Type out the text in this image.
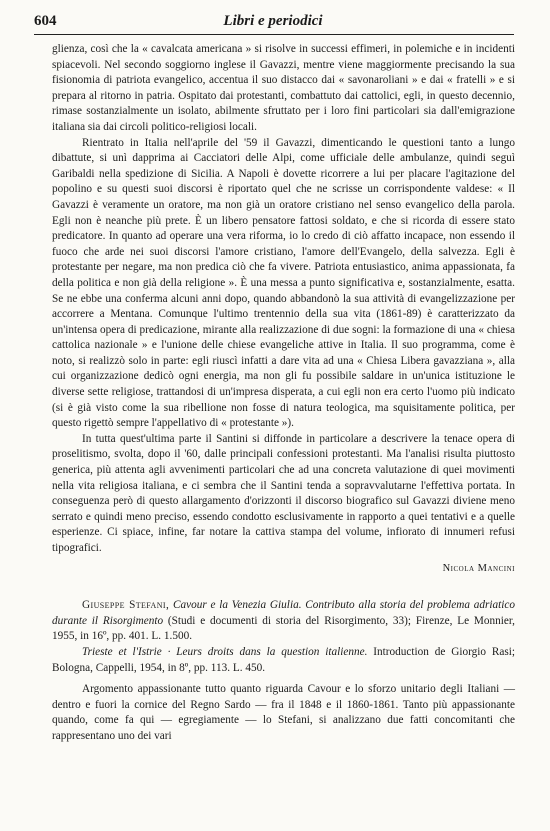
604	Libri e periodici

glienza, così che la « cavalcata americana » si risolve in successi effimeri, in polemiche e in incidenti spiacevoli. Nel secondo soggiorno inglese il Gavazzi, mentre viene maggiormente precisando la sua fisionomia di patriota evangelico, accentua il suo distacco dai « savonaroliani » e dai « fratelli » e si prepara al ritorno in patria. Ospitato dai protestanti, combattuto dai cattolici, egli, in questo decennio, rimase sostanzialmente un isolato, abilmente sfruttato per i loro fini particolari sia dall'emigrazione italiana sia dai circoli politico-religiosi locali.

Rientrato in Italia nell'aprile del '59 il Gavazzi, dimenticando le questioni tanto a lungo dibattute, si unì dapprima ai Cacciatori delle Alpi, come ufficiale delle ambulanze, quindi seguì Garibaldi nella spedizione di Sicilia. A Napoli è dovette ricorrere a lui per placare l'agitazione del popolino e su questi suoi discorsi è riportato quel che ne scrisse un corrispondente valdese: « Il Gavazzi è veramente un oratore, ma non già un oratore cristiano nel senso evangelico della parola. Egli non è neanche più prete. È un libero pensatore fattosi soldato, e che si ricorda di essere stato predicatore. In quanto ad operare una vera riforma, io lo credo di ciò affatto incapace, non essendo il fuoco che arde nei suoi discorsi l'amore cristiano, l'amore dell'Evangelo, della salvezza. Egli è protestante per negare, ma non predica ciò che fa vivere. Patriota entusiastico, anima appassionata, fa della politica e non già della religione ». È una messa a punto significativa e, sostanzialmente, esatta. Se ne ebbe una conferma alcuni anni dopo, quando abbandonò la sua attività di evangelizzazione per accorrere a Mentana. Comunque l'ultimo trentennio della sua vita (1861-89) è caratterizzato da un'intensa opera di predicazione, mirante alla realizzazione di due sogni: la formazione di una « chiesa cattolica nazionale » e l'unione delle chiese evangeliche attive in Italia. Il suo programma, come è noto, si realizzò solo in parte: egli riuscì infatti a dare vita ad una « Chiesa Libera gavazziana », alla cui organizzazione dedicò ogni energia, ma non gli fu possibile saldare in un'unica istituzione le diverse sette religiose, trattandosi di un'impresa disperata, a cui egli non era certo l'uomo più indicato (si è già visto come la sua ribellione non fosse di natura teologica, ma squisitamente politica, per questo rigettò sempre l'appellativo di « protestante »).

In tutta quest'ultima parte il Santini si diffonde in particolare a descrivere la tenace opera di proselitismo, svolta, dopo il '60, dalle principali confessioni protestanti. Ma l'analisi risulta piuttosto generica, più attenta agli avvenimenti particolari che ad una concreta valutazione di quei movimenti nella vita religiosa italiana, e ci sembra che il Santini tenda a sopravvalutarne l'effettiva portata. In conseguenza però di questo allargamento d'orizzonti il discorso biografico sul Gavazzi diviene meno serrato e quindi meno preciso, essendo condotto esclusivamente in rapporto a quei tentativi e a quelle esperienze. Ci spiace, infine, far notare la cattiva stampa del volume, infiorato di innumeri refusi tipografici.

Nicola Mancini

Giuseppe Stefani, Cavour e la Venezia Giulia. Contributo alla storia del problema adriatico durante il Risorgimento (Studi e documenti di storia del Risorgimento, 33); Firenze, Le Monnier, 1955, in 16º, pp. 401. L. 1.500.

Trieste et l'Istrie · Leurs droits dans la question italienne. Introduction de Giorgio Rasi; Bologna, Cappelli, 1954, in 8º, pp. 113. L. 450.

Argomento appassionante tutto quanto riguarda Cavour e lo sforzo unitario degli Italiani — dentro e fuori la cornice del Regno Sardo — fra il 1848 e il 1860-1861. Tanto più appassionante quando, come fa qui — egregiamente — lo Stefani, si analizzano due fatti concomitanti che rappresentano uno dei vari
